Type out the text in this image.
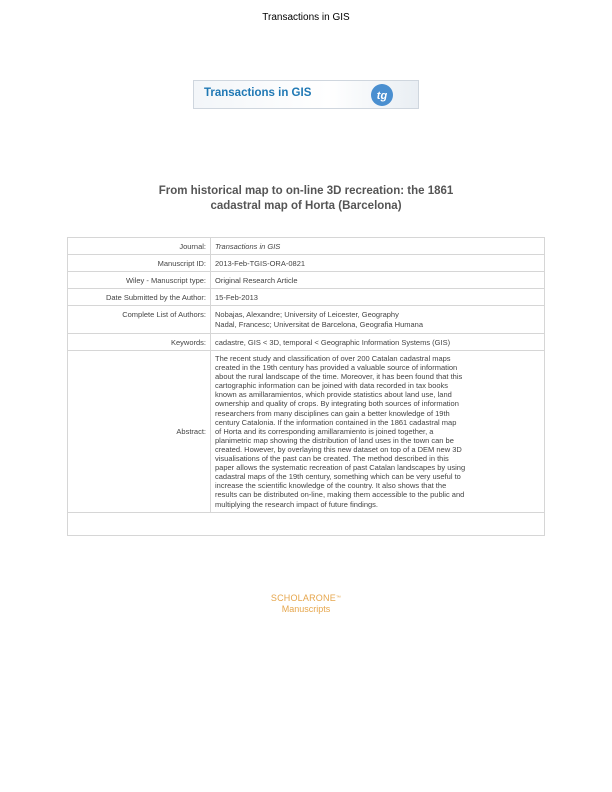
Transactions in GIS
Transactions in GIS	tg
From historical map to on-line 3D recreation: the 1861
cadastral map of Horta (Barcelona)
Journal:	Transactions in GIS
Manuscript ID:	2013-Feb-TGIS-ORA-0821
Wiley - Manuscript type:	Original Research Article
Date Submitted by the Author:	15-Feb-2013
Complete List of Authors:	Nobajas, Alexandre; University of Leicester, Geography
Nadal, Francesc; Universitat de Barcelona, Geografia Humana
Keywords:	cadastre, GIS < 3D, temporal < Geographic Information Systems (GIS)
Abstract:
The recent study and classification of over 200 Catalan cadastral maps
created in the 19th century has provided a valuable source of information
about the rural landscape of the time. Moreover, it has been found that this
cartographic information can be joined with data recorded in tax books
known as amillaramientos, which provide statistics about land use, land
ownership and quality of crops. By integrating both sources of information
researchers from many disciplines can gain a better knowledge of 19th
century Catalonia. If the information contained in the 1861 cadastral map
of Horta and its corresponding amillaramiento is joined together, a
planimetric map showing the distribution of land uses in the town can be
created. However, by overlaying this new dataset on top of a DEM new 3D
visualisations of the past can be created. The method described in this
paper allows the systematic recreation of past Catalan landscapes by using
cadastral maps of the 19th century, something which can be very useful to
increase the scientific knowledge of the country. It also shows that the
results can be distributed on-line, making them accessible to the public and
multiplying the research impact of future findings.
SCHOLARONE™
Manuscripts
